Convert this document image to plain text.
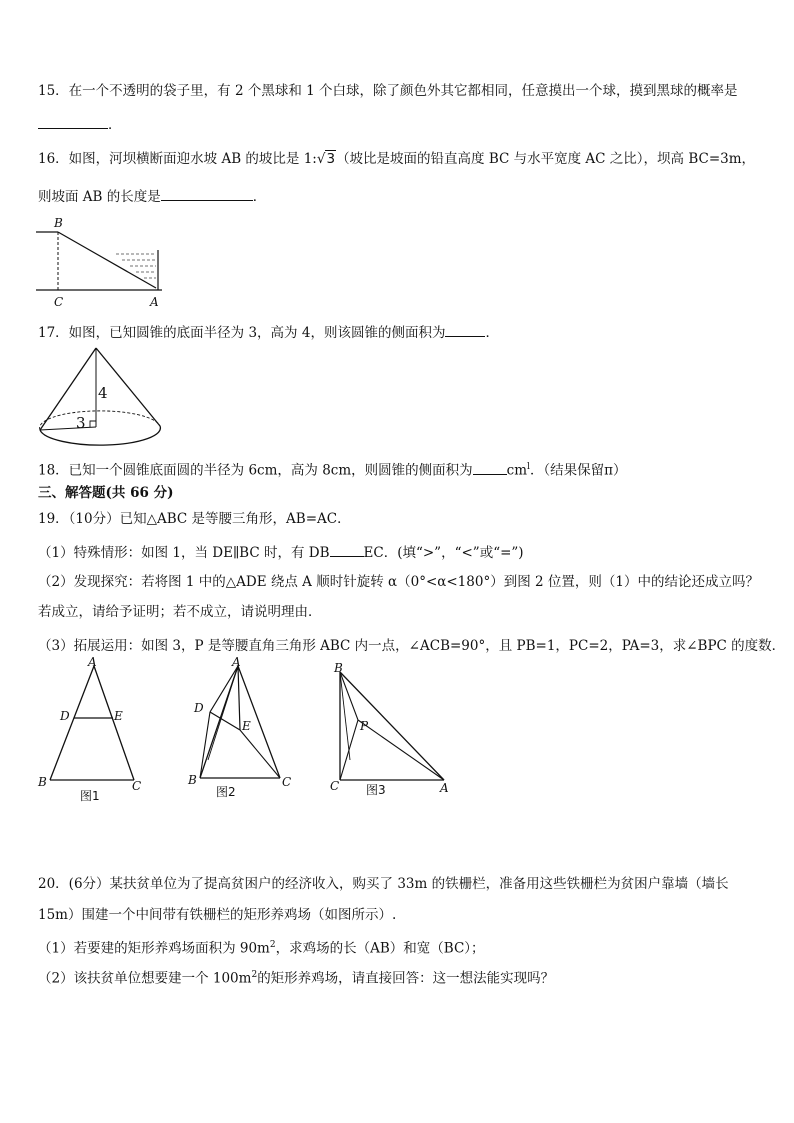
15．在一个不透明的袋子里，有 2 个黑球和 1 个白球，除了颜色外其它都相同，任意摸出一个球，摸到黑球的概率是
．
16．如图，河坝横断面迎水坡 AB 的坡比是 1:√3（坡比是坡面的铅直高度 BC 与水平宽度 AC 之比），坝高 BC=3m，
则坡面 AB 的长度是	．
B
C	A
17．如图，已知圆锥的底面半径为 3，高为 4，则该圆锥的侧面积为	．
4
3
18．已知一个圆锥底面圆的半径为 6cm，高为 8cm，则圆锥的侧面积为	$cm^l$．（结果保留π）
三、解答题(共 66 分)
19．（10分）已知△ABC 是等腰三角形，AB=AC．
（1）特殊情形：如图 1，当 DE∥BC 时，有 DB	EC．(填“>”，“<”或“=”)
（2）发现探究：若将图 1 中的△ADE 绕点 A 顺时针旋转 α（0°<α<180°）到图 2 位置，则（1）中的结论还成立吗？
若成立，请给予证明；若不成立，请说明理由．
（3）拓展运用：如图 3，P 是等腰直角三角形 ABC 内一点，∠ACB=90°，且 PB=1，PC=2，PA=3，求∠BPC 的度数．
A
D	E
B	C
图1
A
D
E
B	C
图2
B
P
C	A
图3
20．(6分）某扶贫单位为了提高贫困户的经济收入，购买了 33m 的铁栅栏，准备用这些铁栅栏为贫困户靠墙（墙长
15m）围建一个中间带有铁栅栏的矩形养鸡场（如图所示）.
（1）若要建的矩形养鸡场面积为 $90m^2$，求鸡场的长（AB）和宽（BC）；
（2）该扶贫单位想要建一个 $100m^2$的矩形养鸡场，请直接回答：这一想法能实现吗？
